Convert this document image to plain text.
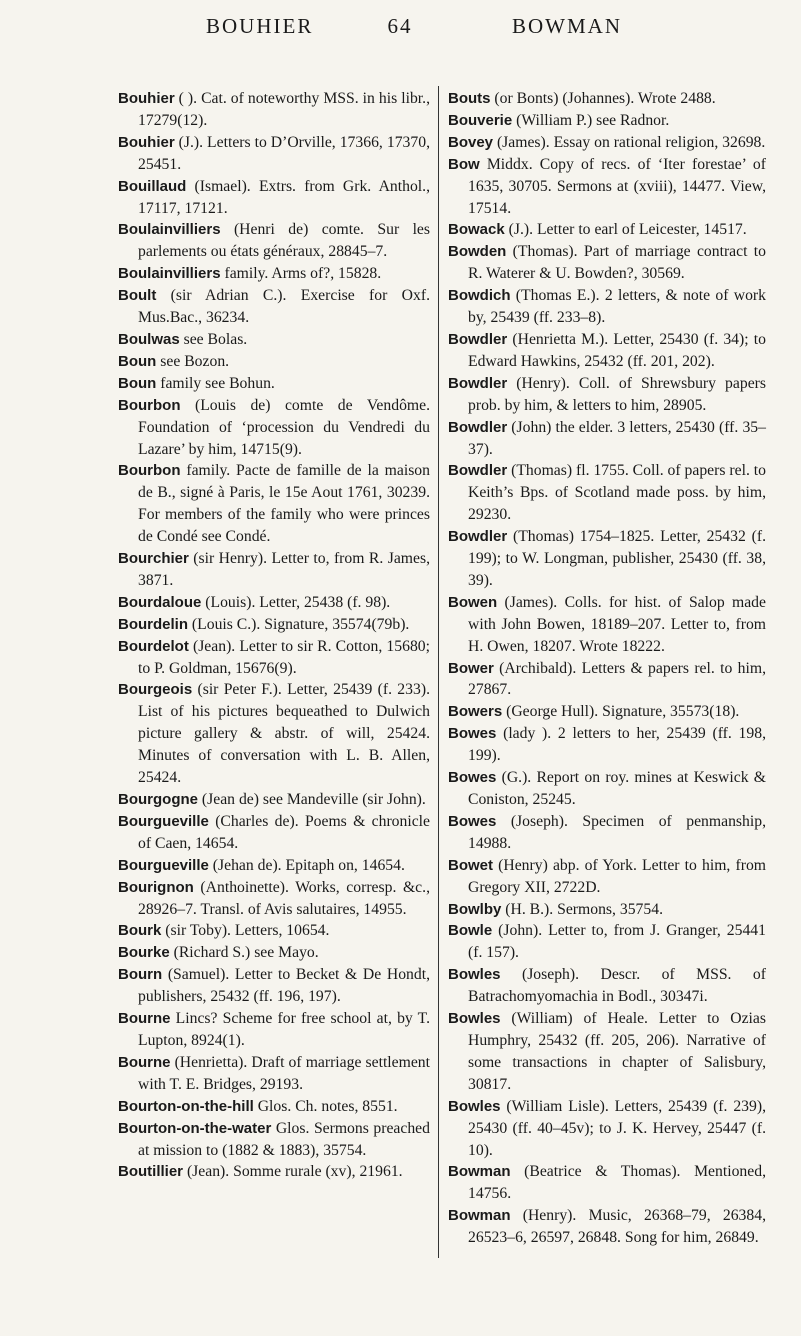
BOUHIER	64	BOWMAN

Bouhier ( ). Cat. of noteworthy MSS. in his libr., 17279(12).

Bouhier (J.). Letters to D’Orville, 17366, 17370, 25451.

Bouillaud (Ismael). Extrs. from Grk. Anthol., 17117, 17121.

Boulainvilliers (Henri de) comte. Sur les parlements ou états généraux, 28845–7.

Boulainvilliers family. Arms of?, 15828.

Boult (sir Adrian C.). Exercise for Oxf. Mus.Bac., 36234.

Boulwas see Bolas.

Boun see Bozon.

Boun family see Bohun.

Bourbon (Louis de) comte de Vendôme. Foundation of ‘procession du Vendredi du Lazare’ by him, 14715(9).

Bourbon family. Pacte de famille de la maison de B., signé à Paris, le 15e Aout 1761, 30239. For members of the family who were princes de Condé see Condé.

Bourchier (sir Henry). Letter to, from R. James, 3871.

Bourdaloue (Louis). Letter, 25438 (f. 98).

Bourdelin (Louis C.). Signature, 35574(79b).

Bourdelot (Jean). Letter to sir R. Cotton, 15680; to P. Goldman, 15676(9).

Bourgeois (sir Peter F.). Letter, 25439 (f. 233). List of his pictures bequeathed to Dulwich picture gallery & abstr. of will, 25424. Minutes of conversation with L. B. Allen, 25424.

Bourgogne (Jean de) see Mandeville (sir John).

Bourgueville (Charles de). Poems & chronicle of Caen, 14654.

Bourgueville (Jehan de). Epitaph on, 14654.

Bourignon (Anthoinette). Works, corresp. &c., 28926–7. Transl. of Avis salutaires, 14955.

Bourk (sir Toby). Letters, 10654.

Bourke (Richard S.) see Mayo.

Bourn (Samuel). Letter to Becket & De Hondt, publishers, 25432 (ff. 196, 197).

Bourne Lincs? Scheme for free school at, by T. Lupton, 8924(1).

Bourne (Henrietta). Draft of marriage settlement with T. E. Bridges, 29193.

Bourton-on-the-hill Glos. Ch. notes, 8551.

Bourton-on-the-water Glos. Sermons preached at mission to (1882 & 1883), 35754.

Boutillier (Jean). Somme rurale (xv), 21961.

Bouts (or Bonts) (Johannes). Wrote 2488.

Bouverie (William P.) see Radnor.

Bovey (James). Essay on rational religion, 32698.

Bow Middx. Copy of recs. of ‘Iter forestae’ of 1635, 30705. Sermons at (xviii), 14477. View, 17514.

Bowack (J.). Letter to earl of Leicester, 14517.

Bowden (Thomas). Part of marriage contract to R. Waterer & U. Bowden?, 30569.

Bowdich (Thomas E.). 2 letters, & note of work by, 25439 (ff. 233–8).

Bowdler (Henrietta M.). Letter, 25430 (f. 34); to Edward Hawkins, 25432 (ff. 201, 202).

Bowdler (Henry). Coll. of Shrewsbury papers prob. by him, & letters to him, 28905.

Bowdler (John) the elder. 3 letters, 25430 (ff. 35–37).

Bowdler (Thomas) fl. 1755. Coll. of papers rel. to Keith’s Bps. of Scotland made poss. by him, 29230.

Bowdler (Thomas) 1754–1825. Letter, 25432 (f. 199); to W. Longman, publisher, 25430 (ff. 38, 39).

Bowen (James). Colls. for hist. of Salop made with John Bowen, 18189–207. Letter to, from H. Owen, 18207. Wrote 18222.

Bower (Archibald). Letters & papers rel. to him, 27867.

Bowers (George Hull). Signature, 35573(18).

Bowes (lady ). 2 letters to her, 25439 (ff. 198, 199).

Bowes (G.). Report on roy. mines at Keswick & Coniston, 25245.

Bowes (Joseph). Specimen of penmanship, 14988.

Bowet (Henry) abp. of York. Letter to him, from Gregory XII, 2722D.

Bowlby (H. B.). Sermons, 35754.

Bowle (John). Letter to, from J. Granger, 25441 (f. 157).

Bowles (Joseph). Descr. of MSS. of Batrachomyomachia in Bodl., 30347i.

Bowles (William) of Heale. Letter to Ozias Humphry, 25432 (ff. 205, 206). Narrative of some transactions in chapter of Salisbury, 30817.

Bowles (William Lisle). Letters, 25439 (f. 239), 25430 (ff. 40–45v); to J. K. Hervey, 25447 (f. 10).

Bowman (Beatrice & Thomas). Mentioned, 14756.

Bowman (Henry). Music, 26368–79, 26384, 26523–6, 26597, 26848. Song for him, 26849.
